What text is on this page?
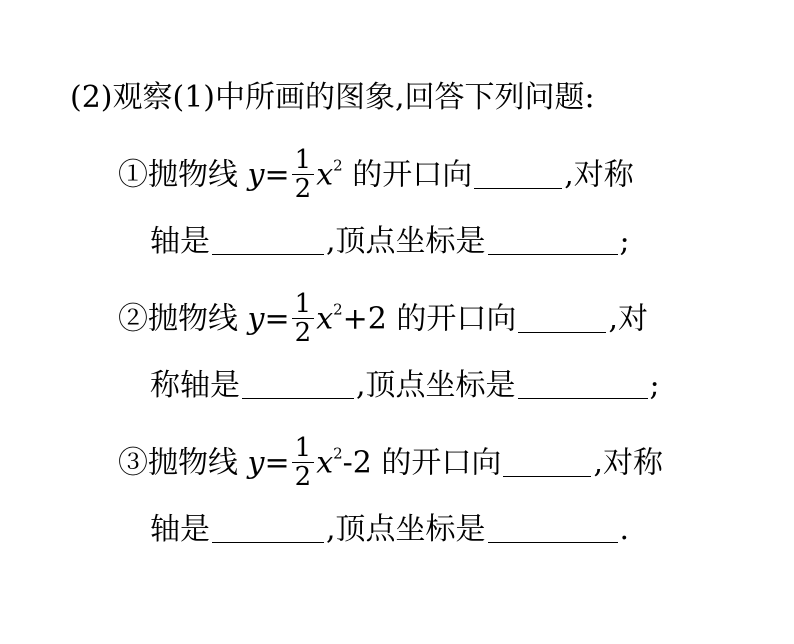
(2)观察(1)中所画的图象,回答下列问题:
①抛物线 $y= \frac{1}{2} x^2$ 的开口向	,对称
轴是	,顶点坐标是	;
②抛物线 $y= \frac{1}{2} x^2+2$ 的开口向	,对
称轴是	,顶点坐标是	;
③抛物线 $y= \frac{1}{2} x^2-2$ 的开口向	,对称
轴是	,顶点坐标是	.
